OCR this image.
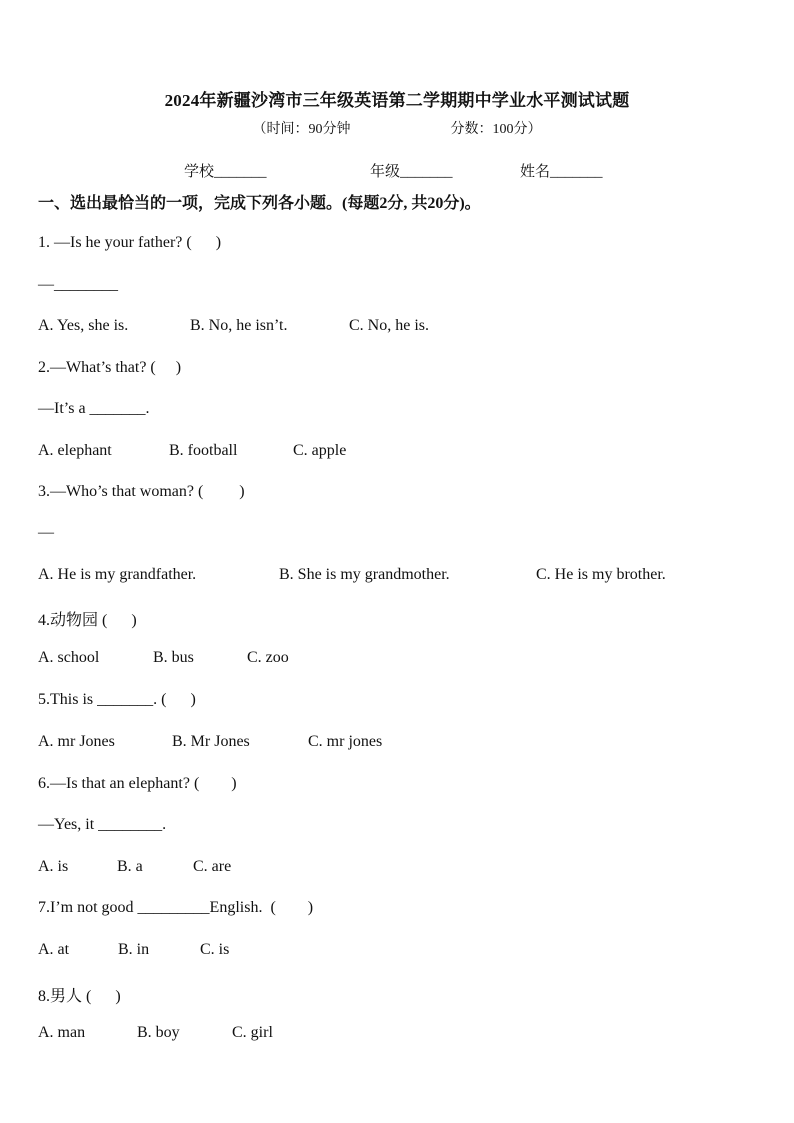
2024年新疆沙湾市三年级英语第二学期期中学业水平测试试题
（时间：90分钟	分数：100分）
学校_______	年级_______	姓名_______
一、选出最恰当的一项，完成下列各小题。(每题2分, 共20分)。
1. —Is he your father? (      )
—________
A. Yes, she is.	B. No, he isn’t.	C. No, he is.
2.—What’s that? (     )
—It’s a _______.
A. elephant	B. football	C. apple
3.—Who’s that woman? (         )
—
A. He is my grandfather.	B. She is my grandmother.	C. He is my brother.
4.动物园 (      )
A. school	B. bus	C. zoo
5.This is _______. (      )
A. mr Jones	B. Mr Jones	C. mr jones
6.—Is that an elephant? (        )
—Yes, it ________.
A. is	B. a	C. are
7.I’m not good _________English.  (        )
A. at	B. in	C. is
8.男人 (      )
A. man	B. boy	C. girl
